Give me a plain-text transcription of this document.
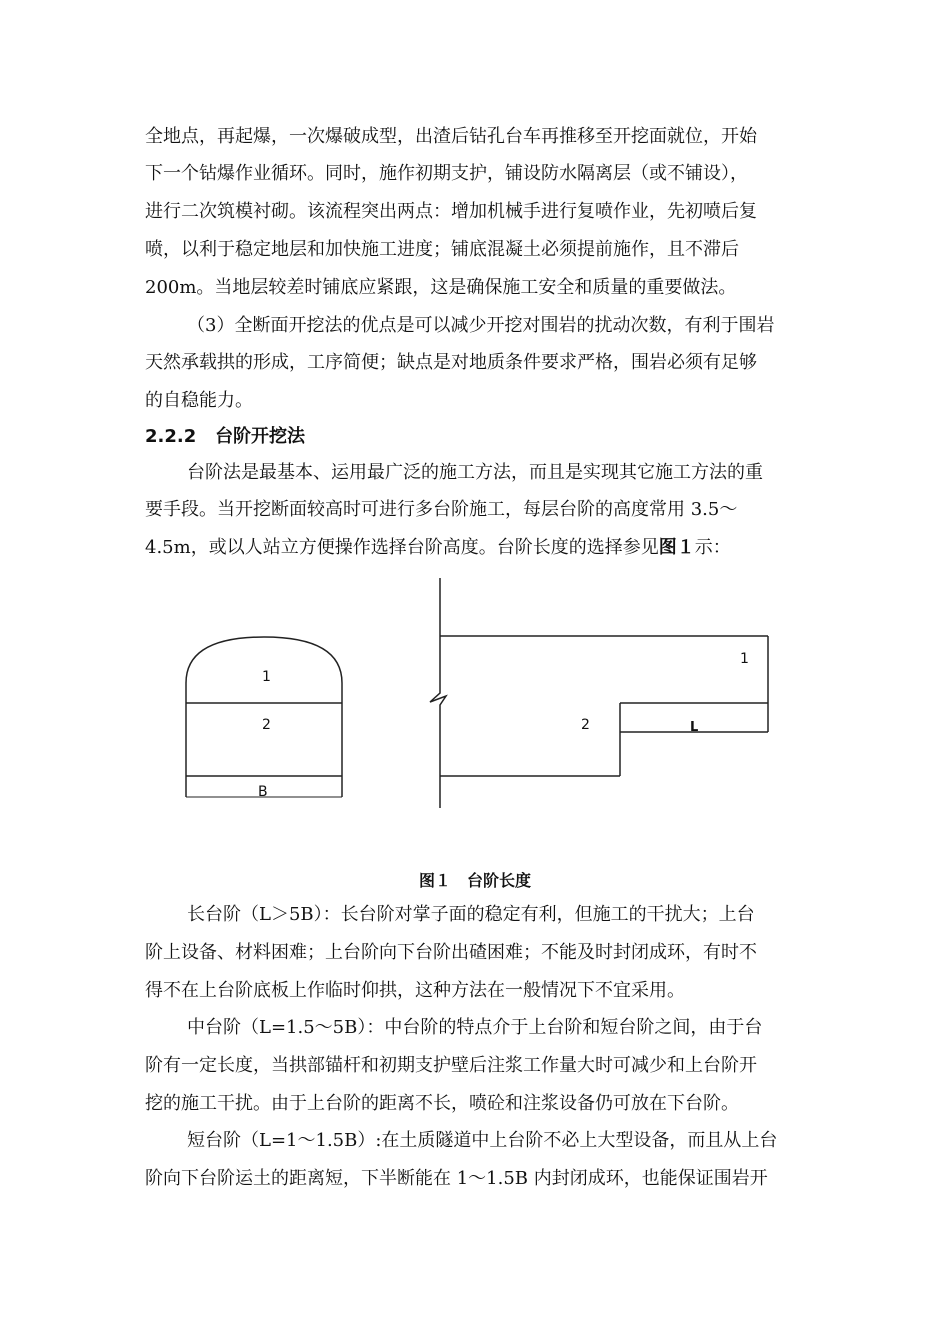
全地点，再起爆，一次爆破成型，出渣后钻孔台车再推移至开挖面就位，开始
下一个钻爆作业循环。同时，施作初期支护，铺设防水隔离层（或不铺设），
进行二次筑模衬砌。该流程突出两点：增加机械手进行复喷作业，先初喷后复
喷，以利于稳定地层和加快施工进度；铺底混凝土必须提前施作，且不滞后
200m。当地层较差时铺底应紧跟，这是确保施工安全和质量的重要做法。
（3）全断面开挖法的优点是可以减少开挖对围岩的扰动次数，有利于围岩
天然承载拱的形成，工序简便；缺点是对地质条件要求严格，围岩必须有足够
的自稳能力。
2.2.2 台阶开挖法
台阶法是最基本、运用最广泛的施工方法，而且是实现其它施工方法的重
要手段。当开挖断面较高时可进行多台阶施工，每层台阶的高度常用 3.5～
4.5m，或以人站立方便操作选择台阶高度。台阶长度的选择参见图１示：
1
2
B
1
2	L
图１　台阶长度
长台阶（L＞5B）：长台阶对掌子面的稳定有利，但施工的干扰大；上台
阶上设备、材料困难；上台阶向下台阶出碴困难；不能及时封闭成环，有时不
得不在上台阶底板上作临时仰拱，这种方法在一般情况下不宜采用。
中台阶（L=1.5～5B）：中台阶的特点介于上台阶和短台阶之间，由于台
阶有一定长度，当拱部锚杆和初期支护壁后注浆工作量大时可减少和上台阶开
挖的施工干扰。由于上台阶的距离不长，喷砼和注浆设备仍可放在下台阶。
短台阶（L=1～1.5B）:在土质隧道中上台阶不必上大型设备，而且从上台
阶向下台阶运土的距离短，下半断能在 1～1.5B 内封闭成环，也能保证围岩开
